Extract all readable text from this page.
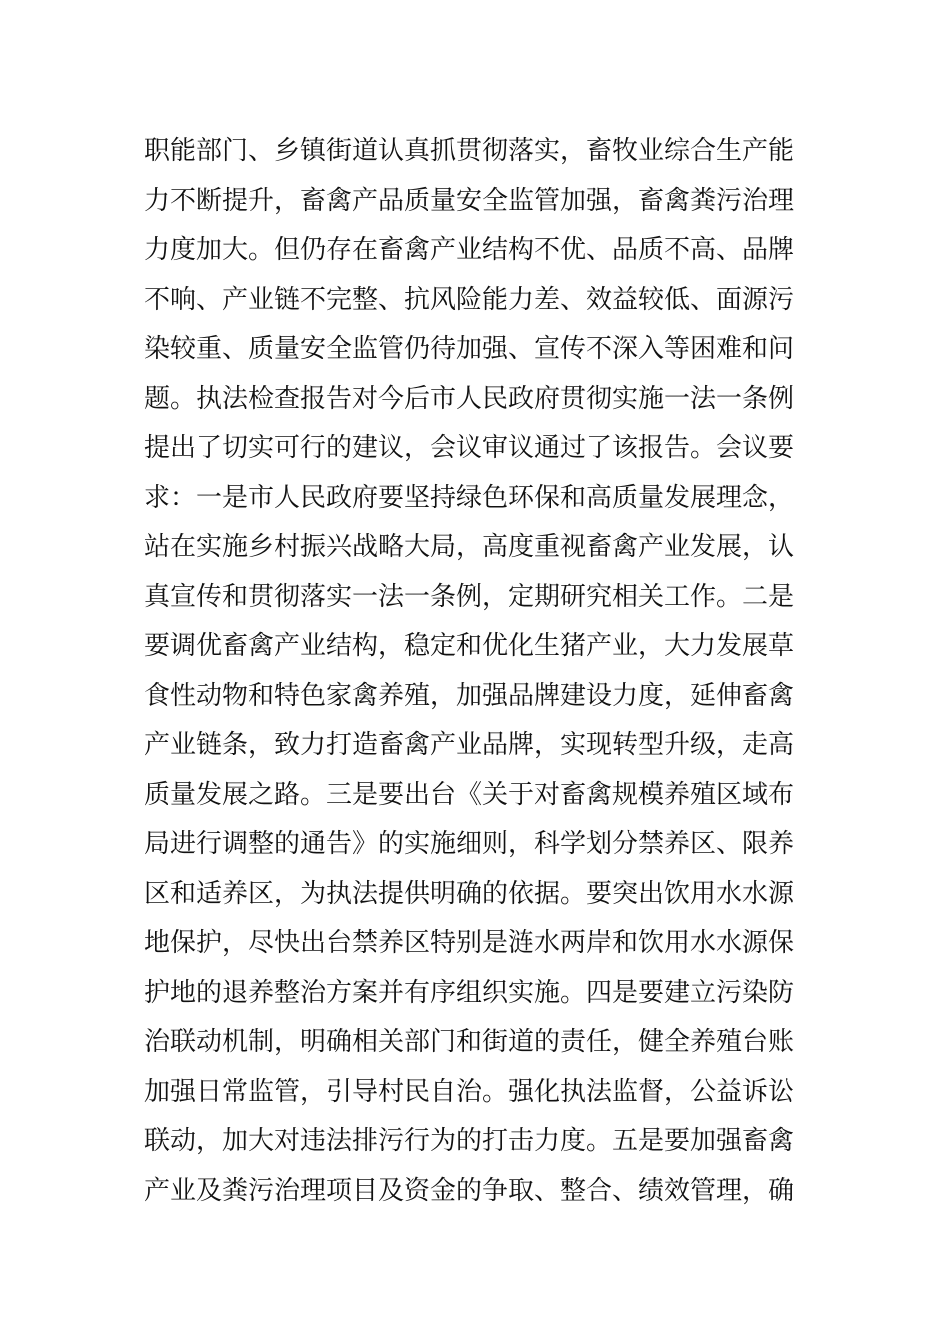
职能部门、乡镇街道认真抓贯彻落实，畜牧业综合生产能
力不断提升，畜禽产品质量安全监管加强，畜禽粪污治理
力度加大。但仍存在畜禽产业结构不优、品质不高、品牌
不响、产业链不完整、抗风险能力差、效益较低、面源污
染较重、质量安全监管仍待加强、宣传不深入等困难和问
题。执法检查报告对今后市人民政府贯彻实施一法一条例
提出了切实可行的建议，会议审议通过了该报告。会议要
求：一是市人民政府要坚持绿色环保和高质量发展理念，
站在实施乡村振兴战略大局，高度重视畜禽产业发展，认
真宣传和贯彻落实一法一条例，定期研究相关工作。二是
要调优畜禽产业结构，稳定和优化生猪产业，大力发展草
食性动物和特色家禽养殖，加强品牌建设力度，延伸畜禽
产业链条，致力打造畜禽产业品牌，实现转型升级，走高
质量发展之路。三是要出台《关于对畜禽规模养殖区域布
局进行调整的通告》的实施细则，科学划分禁养区、限养
区和适养区，为执法提供明确的依据。要突出饮用水水源
地保护，尽快出台禁养区特别是涟水两岸和饮用水水源保
护地的退养整治方案并有序组织实施。四是要建立污染防
治联动机制，明确相关部门和街道的责任，健全养殖台账
加强日常监管，引导村民自治。强化执法监督，公益诉讼
联动，加大对违法排污行为的打击力度。五是要加强畜禽
产业及粪污治理项目及资金的争取、整合、绩效管理，确
